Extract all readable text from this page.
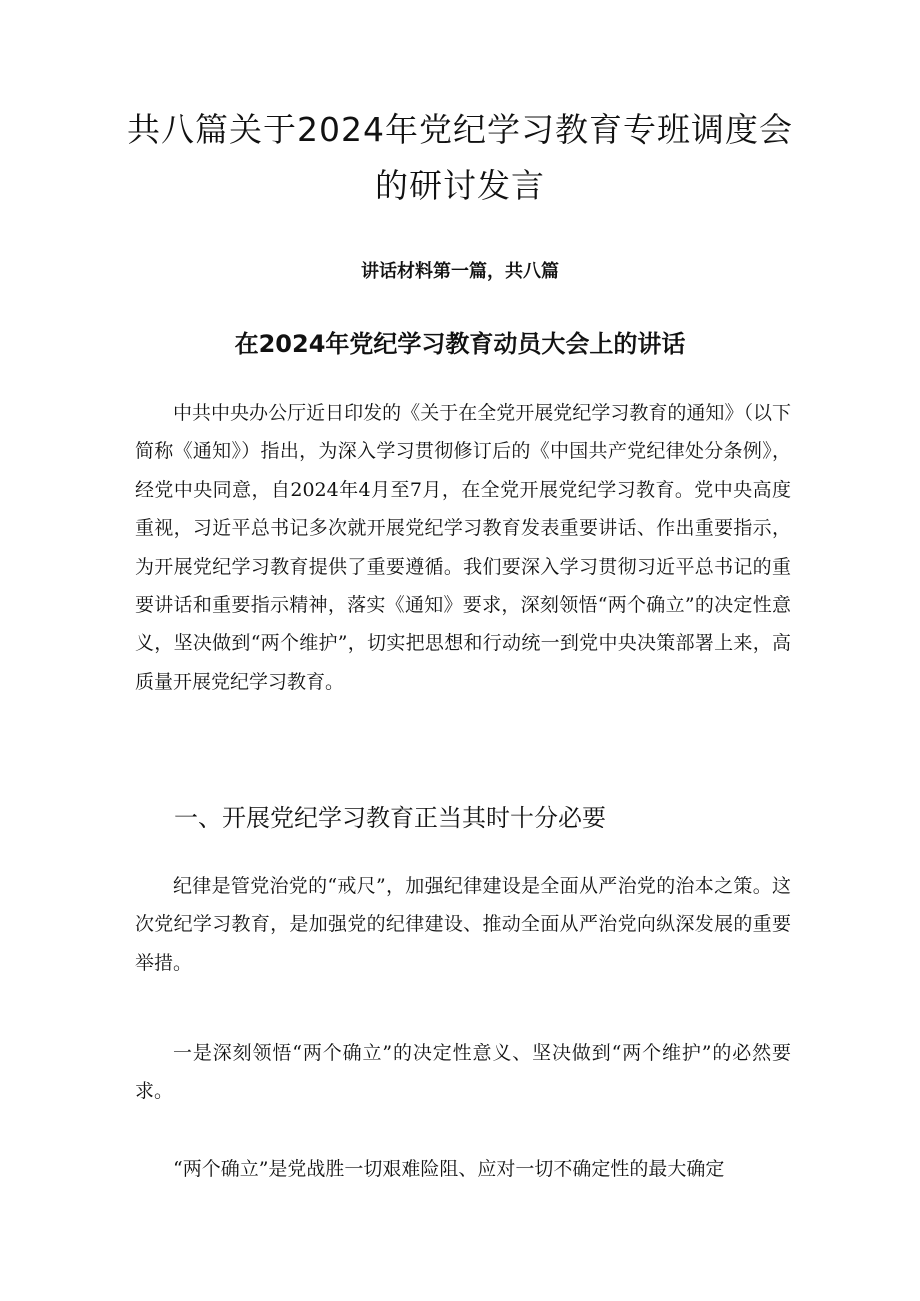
共八篇关于2024年党纪学习教育专班调度会的研讨发言

讲话材料第一篇，共八篇

在2024年党纪学习教育动员大会上的讲话

中共中央办公厅近日印发的《关于在全党开展党纪学习教育的通知》（以下简称《通知》）指出，为深入学习贯彻修订后的《中国共产党纪律处分条例》，经党中央同意，自2024年4月至7月，在全党开展党纪学习教育。党中央高度重视，习近平总书记多次就开展党纪学习教育发表重要讲话、作出重要指示，为开展党纪学习教育提供了重要遵循。我们要深入学习贯彻习近平总书记的重要讲话和重要指示精神，落实《通知》要求，深刻领悟“两个确立”的决定性意义，坚决做到“两个维护”，切实把思想和行动统一到党中央决策部署上来，高质量开展党纪学习教育。

一、开展党纪学习教育正当其时十分必要

纪律是管党治党的“戒尺”，加强纪律建设是全面从严治党的治本之策。这次党纪学习教育，是加强党的纪律建设、推动全面从严治党向纵深发展的重要举措。

一是深刻领悟“两个确立”的决定性意义、坚决做到“两个维护”的必然要求。

“两个确立”是党战胜一切艰难险阻、应对一切不确定性的最大确定
